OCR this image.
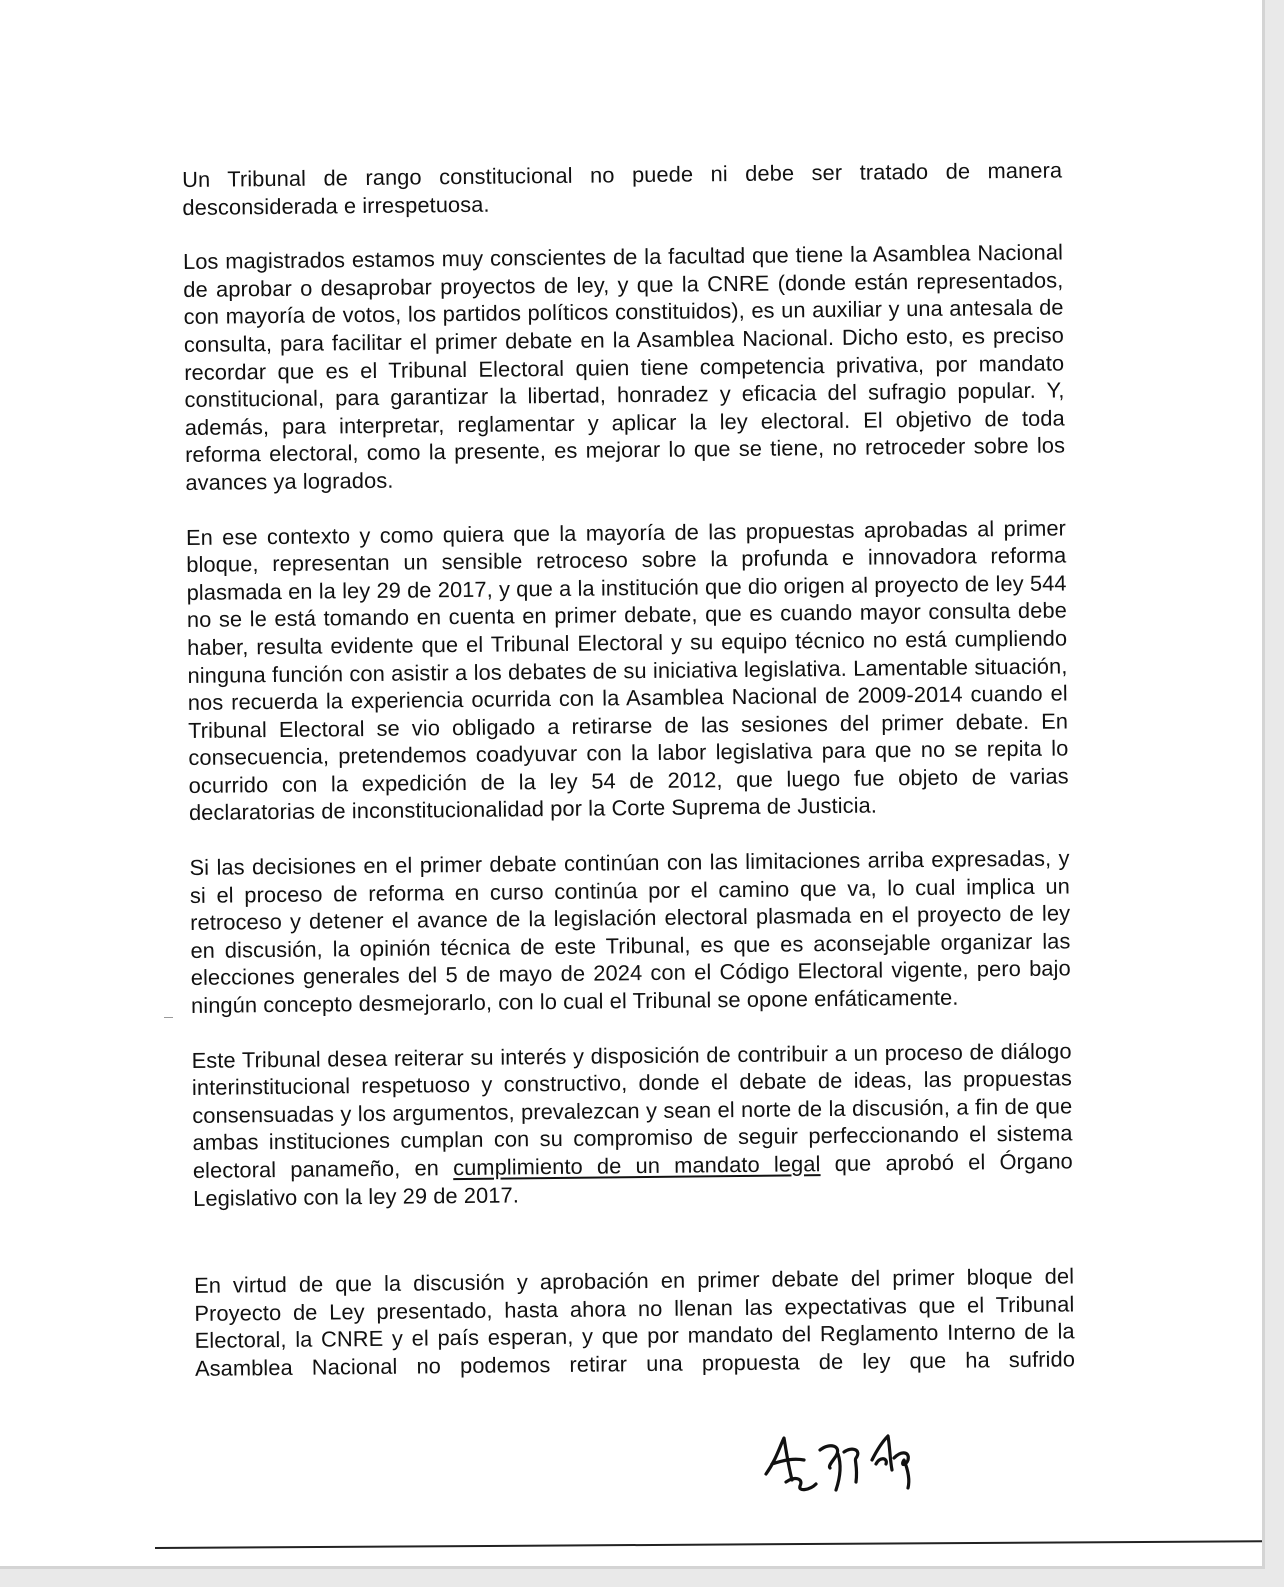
Un Tribunal de rango constitucional no puede ni debe ser tratado de manera desconsiderada e irrespetuosa.

Los magistrados estamos muy conscientes de la facultad que tiene la Asamblea Nacional de aprobar o desaprobar proyectos de ley, y que la CNRE (donde están representados, con mayoría de votos, los partidos políticos constituidos), es un auxiliar y una antesala de consulta, para facilitar el primer debate en la Asamblea Nacional. Dicho esto, es preciso recordar que es el Tribunal Electoral quien tiene competencia privativa, por mandato constitucional, para garantizar la libertad, honradez y eficacia del sufragio popular. Y, además, para interpretar, reglamentar y aplicar la ley electoral. El objetivo de toda reforma electoral, como la presente, es mejorar lo que se tiene, no retroceder sobre los avances ya logrados.

En ese contexto y como quiera que la mayoría de las propuestas aprobadas al primer bloque, representan un sensible retroceso sobre la profunda e innovadora reforma plasmada en la ley 29 de 2017, y que a la institución que dio origen al proyecto de ley 544 no se le está tomando en cuenta en primer debate, que es cuando mayor consulta debe haber, resulta evidente que el Tribunal Electoral y su equipo técnico no está cumpliendo ninguna función con asistir a los debates de su iniciativa legislativa. Lamentable situación, nos recuerda la experiencia ocurrida con la Asamblea Nacional de 2009-2014 cuando el Tribunal Electoral se vio obligado a retirarse de las sesiones del primer debate. En consecuencia, pretendemos coadyuvar con la labor legislativa para que no se repita lo ocurrido con la expedición de la ley 54 de 2012, que luego fue objeto de varias declaratorias de inconstitucionalidad por la Corte Suprema de Justicia.

Si las decisiones en el primer debate continúan con las limitaciones arriba expresadas, y si el proceso de reforma en curso continúa por el camino que va, lo cual implica un retroceso y detener el avance de la legislación electoral plasmada en el proyecto de ley en discusión, la opinión técnica de este Tribunal, es que es aconsejable organizar las elecciones generales del 5 de mayo de 2024 con el Código Electoral vigente, pero bajo ningún concepto desmejorarlo, con lo cual el Tribunal se opone enfáticamente.

Este Tribunal desea reiterar su interés y disposición de contribuir a un proceso de diálogo interinstitucional respetuoso y constructivo, donde el debate de ideas, las propuestas consensuadas y los argumentos, prevalezcan y sean el norte de la discusión, a fin de que ambas instituciones cumplan con su compromiso de seguir perfeccionando el sistema electoral panameño, en cumplimiento de un mandato legal que aprobó el Órgano Legislativo con la ley 29 de 2017.

En virtud de que la discusión y aprobación en primer debate del primer bloque del Proyecto de Ley presentado, hasta ahora no llenan las expectativas que el Tribunal Electoral, la CNRE y el país esperan, y que por mandato del Reglamento Interno de la Asamblea Nacional no podemos retirar una propuesta de ley que ha sufrido
